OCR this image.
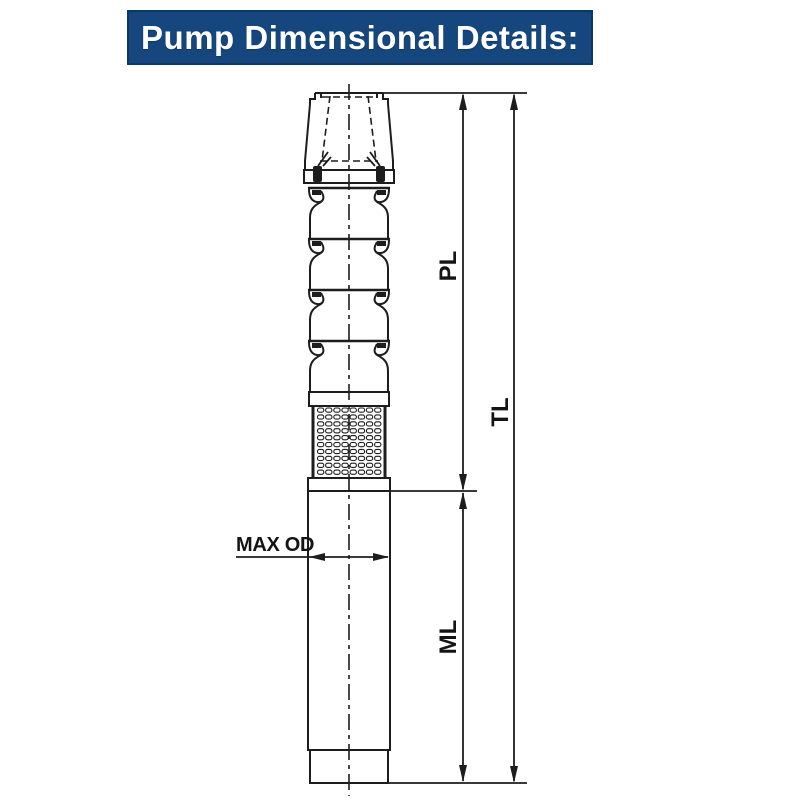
Pump Dimensional Details:
PL
ML
TL
MAX OD
